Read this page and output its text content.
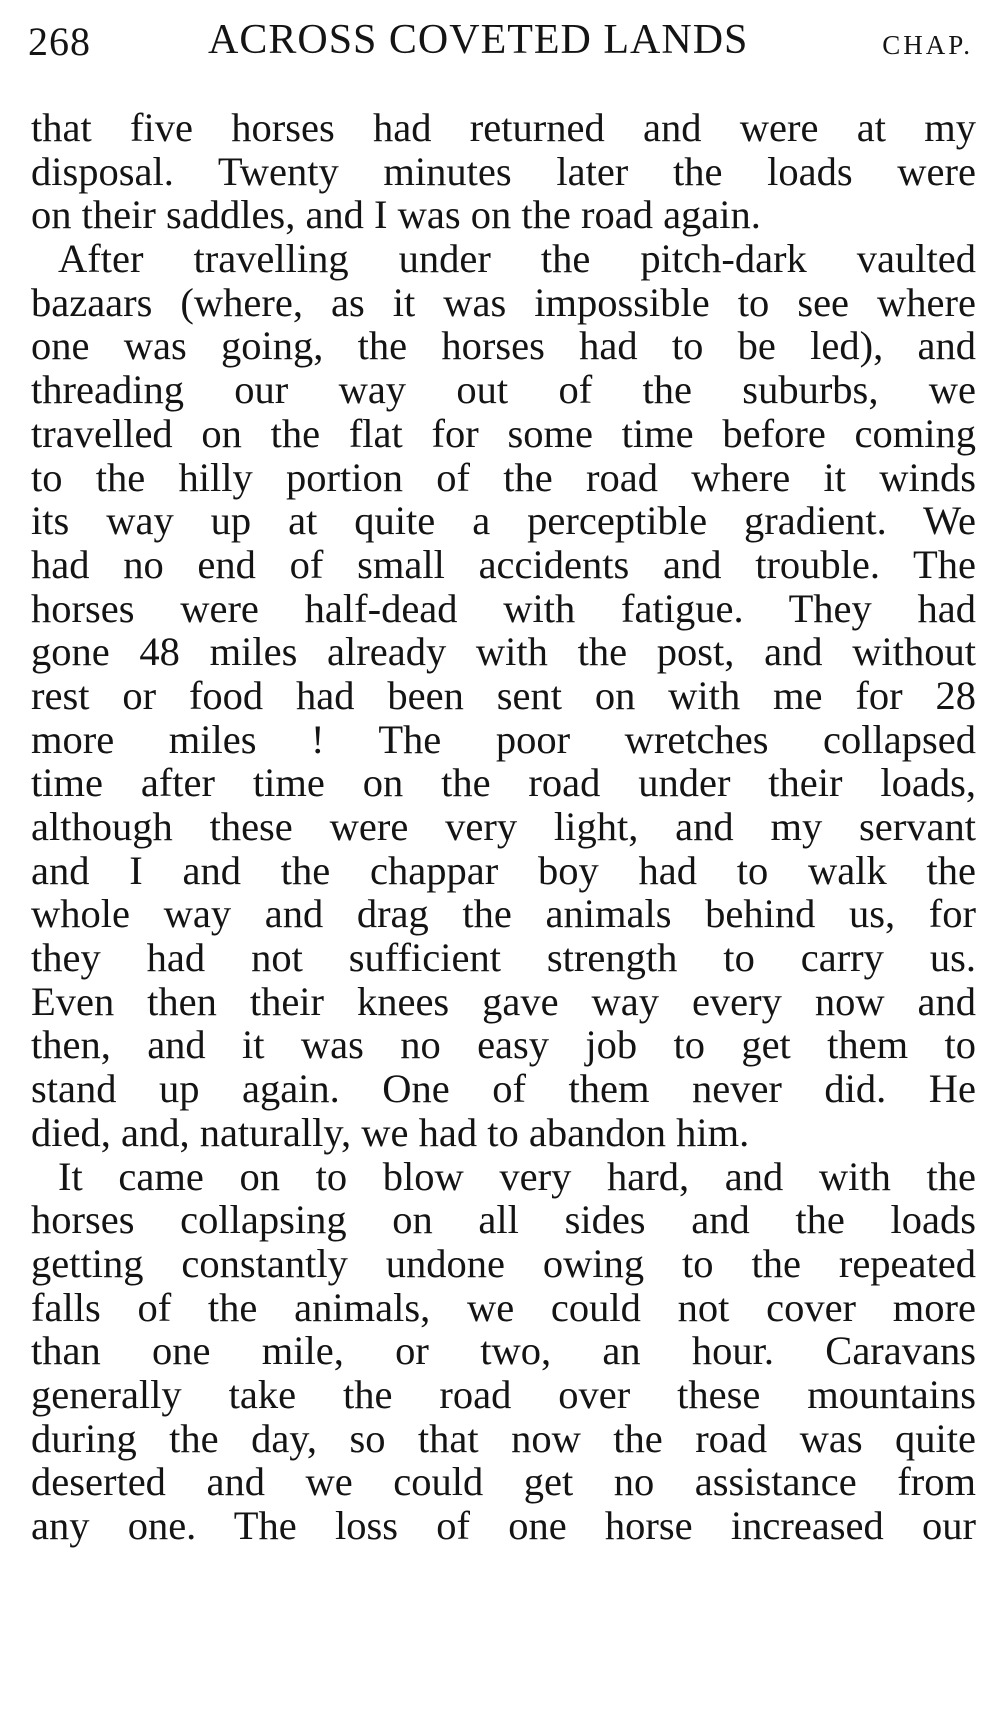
268	ACROSS COVETED LANDS	CHAP.
that five horses had returned and were at my
disposal. Twenty minutes later the loads were
on their saddles, and I was on the road again.
After travelling under the pitch-dark vaulted
bazaars (where, as it was impossible to see where
one was going, the horses had to be led), and
threading our way out of the suburbs, we
travelled on the flat for some time before coming
to the hilly portion of the road where it winds
its way up at quite a perceptible gradient. We
had no end of small accidents and trouble. The
horses were half-dead with fatigue. They had
gone 48 miles already with the post, and without
rest or food had been sent on with me for 28
more miles ! The poor wretches collapsed
time after time on the road under their loads,
although these were very light, and my servant
and I and the chappar boy had to walk the
whole way and drag the animals behind us, for
they had not sufficient strength to carry us.
Even then their knees gave way every now and
then, and it was no easy job to get them to
stand up again. One of them never did. He
died, and, naturally, we had to abandon him.
It came on to blow very hard, and with the
horses collapsing on all sides and the loads
getting constantly undone owing to the repeated
falls of the animals, we could not cover more
than one mile, or two, an hour. Caravans
generally take the road over these mountains
during the day, so that now the road was quite
deserted and we could get no assistance from
any one. The loss of one horse increased our
